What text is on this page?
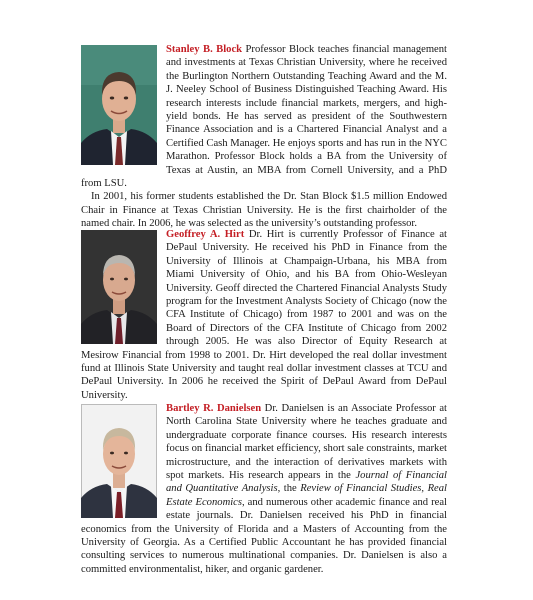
Stanley B. Block Professor Block teaches financial management and investments at Texas Christian University, where he received the Burlington Northern Outstanding Teaching Award and the M. J. Neeley School of Business Distinguished Teaching Award. His research interests include financial markets, mergers, and high-yield bonds. He has served as president of the Southwestern Finance Association and is a Chartered Financial Analyst and a Certified Cash Manager. He enjoys sports and has run in the NYC Marathon. Professor Block holds a BA from the University of Texas at Austin, an MBA from Cornell University, and a PhD from LSU.

In 2001, his former students established the Dr. Stan Block $1.5 million Endowed Chair in Finance at Texas Christian University. He is the first chairholder of the named chair. In 2006, he was selected as the university’s outstanding professor.

Geoffrey A. Hirt Dr. Hirt is currently Professor of Finance at DePaul University. He received his PhD in Finance from the University of Illinois at Champaign-Urbana, his MBA from Miami University of Ohio, and his BA from Ohio-Wesleyan University. Geoff directed the Chartered Financial Analysts Study program for the Investment Analysts Society of Chicago (now the CFA Institute of Chicago) from 1987 to 2001 and was on the Board of Directors of the CFA Institute of Chicago from 2002 through 2005. He was also Director of Equity Research at Mesirow Financial from 1998 to 2001. Dr. Hirt developed the real dollar investment fund at Illinois State University and taught real dollar investment classes at TCU and DePaul University. In 2006 he received the Spirit of DePaul Award from DePaul University.

Bartley R. Danielsen Dr. Danielsen is an Associate Professor at North Carolina State University where he teaches graduate and undergraduate corporate finance courses. His research interests focus on financial market efficiency, short sale constraints, market microstructure, and the interaction of derivatives markets with spot markets. His research appears in the Journal of Financial and Quantitative Analysis, the Review of Financial Studies, Real Estate Economics, and numerous other academic finance and real estate journals. Dr. Danielsen received his PhD in financial economics from the University of Florida and a Masters of Accounting from the University of Georgia. As a Certified Public Accountant he has provided financial consulting services to numerous multinational companies. Dr. Danielsen is also a committed environmentalist, hiker, and organic gardener.
